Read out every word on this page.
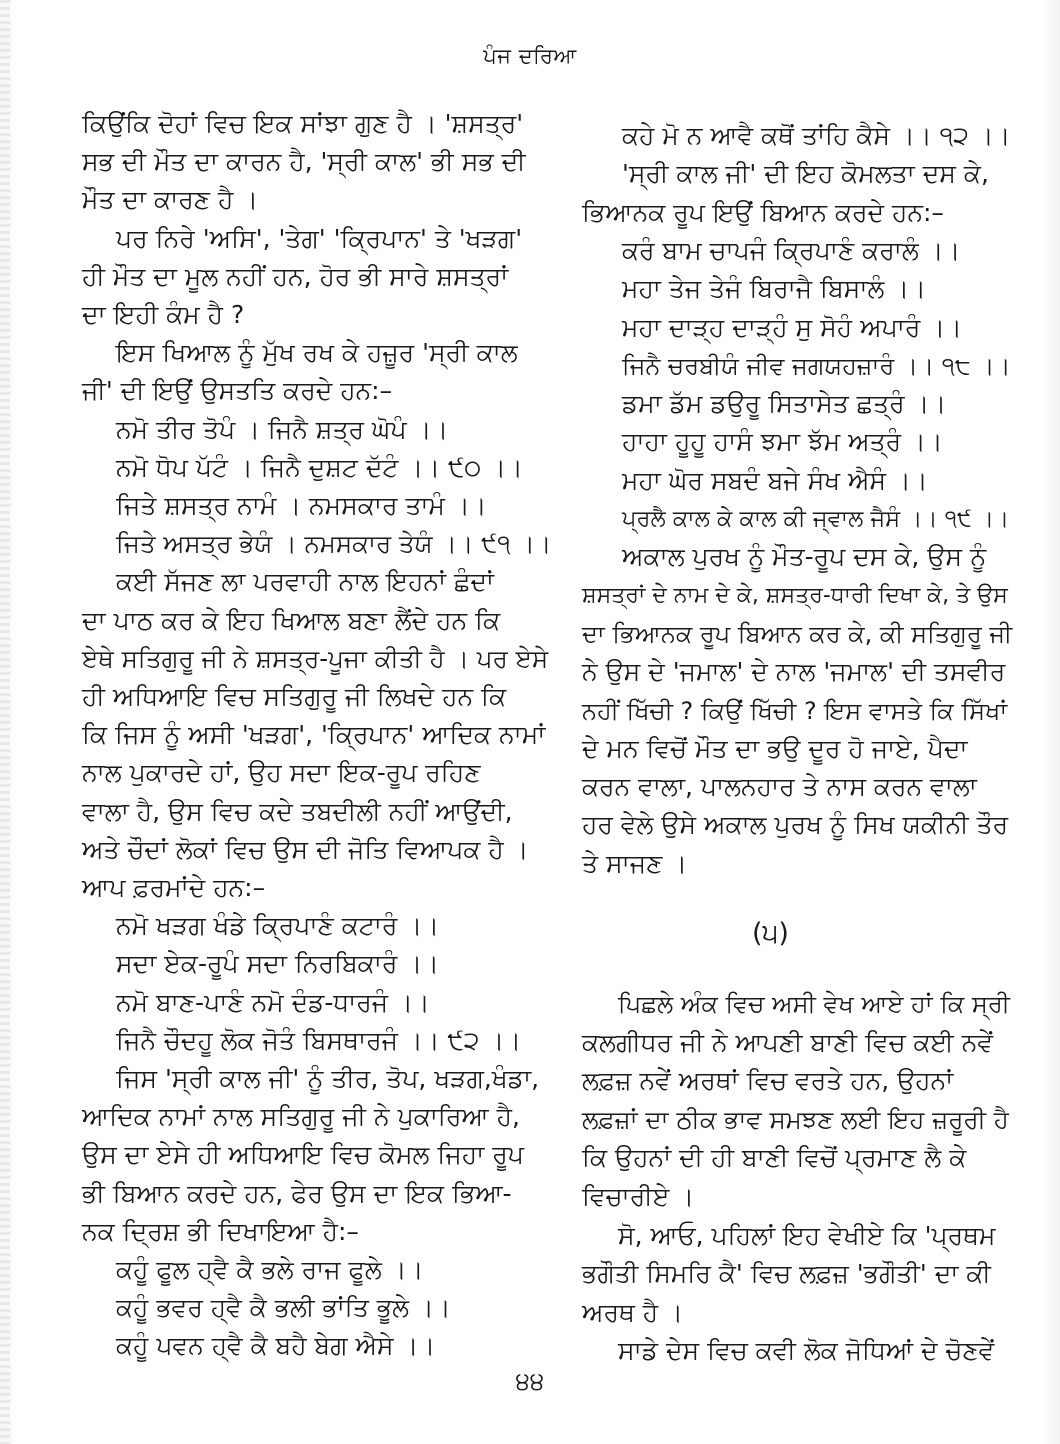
ਪੰਜ ਦਰਿਆ
ਕਿਉਂਕਿ ਦੋਹਾਂ ਵਿਚ ਇਕ ਸਾਂਝਾ ਗੁਣ ਹੈ । 'ਸ਼ਸਤ੍ਰ'
ਸਭ ਦੀ ਮੌਤ ਦਾ ਕਾਰਨ ਹੈ, 'ਸ੍ਰੀ ਕਾਲ' ਭੀ ਸਭ ਦੀ
ਮੌਤ ਦਾ ਕਾਰਣ ਹੈ ।
ਪਰ ਨਿਰੇ 'ਅਸਿ', 'ਤੇਗ' 'ਕ੍ਰਿਪਾਨ' ਤੇ 'ਖੜਗ'
ਹੀ ਮੌਤ ਦਾ ਮੂਲ ਨਹੀਂ ਹਨ, ਹੋਰ ਭੀ ਸਾਰੇ ਸ਼ਸਤ੍ਰਾਂ
ਦਾ ਇਹੀ ਕੰਮ ਹੈ ?
ਇਸ ਖਿਆਲ ਨੂੰ ਮੁੱਖ ਰਖ ਕੇ ਹਜ਼ੂਰ 'ਸ੍ਰੀ ਕਾਲ
ਜੀ' ਦੀ ਇਉਂ ਉਸਤਤਿ ਕਰਦੇ ਹਨ:–
ਨਮੋ ਤੀਰ ਤੋਪੰ । ਜਿਨੈ ਸ਼ਤ੍ਰ ਘੋਪੰ ।।
ਨਮੋ ਧੋਪ ਪੱਟੰ । ਜਿਨੈ ਦੁਸ਼ਟ ਦੱਟੰ ।। ੯੦ ।।
ਜਿਤੇ ਸ਼ਸਤ੍ਰ ਨਾਮੰ । ਨਮਸਕਾਰ ਤਾਮੰ ।।
ਜਿਤੇ ਅਸਤ੍ਰ ਭੇਯੰ । ਨਮਸਕਾਰ ਤੇਯੰ ।। ੯੧ ।।
ਕਈ ਸੱਜਣ ਲਾ ਪਰਵਾਹੀ ਨਾਲ ਇਹਨਾਂ ਛੰਦਾਂ
ਦਾ ਪਾਠ ਕਰ ਕੇ ਇਹ ਖਿਆਲ ਬਣਾ ਲੈਂਦੇ ਹਨ ਕਿ
ਏਥੇ ਸਤਿਗੁਰੂ ਜੀ ਨੇ ਸ਼ਸਤ੍ਰ-ਪੂਜਾ ਕੀਤੀ ਹੈ । ਪਰ ਏਸੇ
ਹੀ ਅਧਿਆਇ ਵਿਚ ਸਤਿਗੁਰੂ ਜੀ ਲਿਖਦੇ ਹਨ ਕਿ
ਕਿ ਜਿਸ ਨੂੰ ਅਸੀ 'ਖੜਗ', 'ਕ੍ਰਿਪਾਨ' ਆਦਿਕ ਨਾਮਾਂ
ਨਾਲ ਪੁਕਾਰਦੇ ਹਾਂ, ਉਹ ਸਦਾ ਇਕ-ਰੂਪ ਰਹਿਣ
ਵਾਲਾ ਹੈ, ਉਸ ਵਿਚ ਕਦੇ ਤਬਦੀਲੀ ਨਹੀਂ ਆਉਂਦੀ,
ਅਤੇ ਚੌਦਾਂ ਲੋਕਾਂ ਵਿਚ ਉਸ ਦੀ ਜੋਤਿ ਵਿਆਪਕ ਹੈ ।
ਆਪ ਫ਼ਰਮਾਂਦੇ ਹਨ:–
ਨਮੋ ਖੜਗ ਖੰਡੇ ਕ੍ਰਿਪਾਣੰ ਕਟਾਰੰ ।।
ਸਦਾ ਏਕ-ਰੂਪੰ ਸਦਾ ਨਿਰਬਿਕਾਰੰ ।।
ਨਮੋ ਬਾਣ-ਪਾਣੰ ਨਮੋ ਦੰਡ-ਧਾਰਜੰ ।।
ਜਿਨੈ ਚੌਦਹੂ ਲੋਕ ਜੋਤੰ ਬਿਸਥਾਰਜੰ ।। ੯੨ ।।
ਜਿਸ 'ਸ੍ਰੀ ਕਾਲ ਜੀ' ਨੂੰ ਤੀਰ, ਤੋਪ, ਖੜਗ,ਖੰਡਾ,
ਆਦਿਕ ਨਾਮਾਂ ਨਾਲ ਸਤਿਗੁਰੂ ਜੀ ਨੇ ਪੁਕਾਰਿਆ ਹੈ,
ਉਸ ਦਾ ਏਸੇ ਹੀ ਅਧਿਆਇ ਵਿਚ ਕੋਮਲ ਜਿਹਾ ਰੂਪ
ਭੀ ਬਿਆਨ ਕਰਦੇ ਹਨ, ਫੇਰ ਉਸ ਦਾ ਇਕ ਭਿਆ-
ਨਕ ਦ੍ਰਿਸ਼ ਭੀ ਦਿਖਾਇਆ ਹੈ:–
ਕਹੂੰ ਫੂਲ ਹ੍ਵੈ ਕੈ ਭਲੇ ਰਾਜ ਫੂਲੇ ।।
ਕਹੂੰ ਭਵਰ ਹ੍ਵੈ ਕੈ ਭਲੀ ਭਾਂਤਿ ਭੂਲੇ ।।
ਕਹੂੰ ਪਵਨ ਹ੍ਵੈ ਕੈ ਬਹੈ ਬੇਗ ਐਸੇ ।।
ਕਹੇ ਮੋ ਨ ਆਵੈ ਕਥੋਂ ਤਾਂਹਿ ਕੈਸੇ ।। ੧੨ ।।
'ਸ੍ਰੀ ਕਾਲ ਜੀ' ਦੀ ਇਹ ਕੋਮਲਤਾ ਦਸ ਕੇ,
ਭਿਆਨਕ ਰੂਪ ਇਉਂ ਬਿਆਨ ਕਰਦੇ ਹਨ:–
ਕਰੰ ਬਾਮ ਚਾਪਜੰ ਕ੍ਰਿਪਾਣੰ ਕਰਾਲੰ ।।
ਮਹਾ ਤੇਜ ਤੇਜੰ ਬਿਰਾਜੈ ਬਿਸਾਲੰ ।।
ਮਹਾ ਦਾੜ੍ਹ ਦਾੜ੍ਹੰ ਸੁ ਸੋਹੰ ਅਪਾਰੰ ।।
ਜਿਨੈ ਚਰਬੀਯੰ ਜੀਵ ਜਗਯਹਜ਼ਾਰੰ ।। ੧੮ ।।
ਡਮਾ ਡੱਮ ਡਉਰੂ ਸਿਤਾਸੇਤ ਛਤ੍ਰੰ ।।
ਹਾਹਾ ਹੂਹੂ ਹਾਸੰ ਝਮਾ ਝੱਮ ਅਤ੍ਰੰ ।।
ਮਹਾ ਘੋਰ ਸਬਦੰ ਬਜੇ ਸੰਖ ਐਸੰ ।।
ਪ੍ਰਲੈ ਕਾਲ ਕੇ ਕਾਲ ਕੀ ਜ੍ਵਾਲ ਜੈਸੰ ।। ੧੯ ।।
ਅਕਾਲ ਪੁਰਖ ਨੂੰ ਮੌਤ-ਰੂਪ ਦਸ ਕੇ, ਉਸ ਨੂੰ
ਸ਼ਸਤ੍ਰਾਂ ਦੇ ਨਾਮ ਦੇ ਕੇ, ਸ਼ਸਤ੍ਰ-ਧਾਰੀ ਦਿਖਾ ਕੇ, ਤੇ ਉਸ
ਦਾ ਭਿਆਨਕ ਰੂਪ ਬਿਆਨ ਕਰ ਕੇ, ਕੀ ਸਤਿਗੁਰੂ ਜੀ
ਨੇ ਉਸ ਦੇ 'ਜਮਾਲ' ਦੇ ਨਾਲ 'ਜਮਾਲ' ਦੀ ਤਸਵੀਰ
ਨਹੀਂ ਖਿੱਚੀ ? ਕਿਉਂ ਖਿੱਚੀ ? ਇਸ ਵਾਸਤੇ ਕਿ ਸਿੱਖਾਂ
ਦੇ ਮਨ ਵਿਚੋਂ ਮੌਤ ਦਾ ਭਉ ਦੂਰ ਹੋ ਜਾਏ, ਪੈਦਾ
ਕਰਨ ਵਾਲਾ, ਪਾਲਨਹਾਰ ਤੇ ਨਾਸ ਕਰਨ ਵਾਲਾ
ਹਰ ਵੇਲੇ ਉਸੇ ਅਕਾਲ ਪੁਰਖ ਨੂੰ ਸਿਖ ਯਕੀਨੀ ਤੌਰ
ਤੇ ਸਾਜਣ ।
ਪਿਛਲੇ ਅੰਕ ਵਿਚ ਅਸੀ ਵੇਖ ਆਏ ਹਾਂ ਕਿ ਸ੍ਰੀ
ਕਲਗੀਧਰ ਜੀ ਨੇ ਆਪਣੀ ਬਾਣੀ ਵਿਚ ਕਈ ਨਵੇਂ
ਲਫ਼ਜ਼ ਨਵੇਂ ਅਰਥਾਂ ਵਿਚ ਵਰਤੇ ਹਨ, ਉਹਨਾਂ
ਲਫ਼ਜ਼ਾਂ ਦਾ ਠੀਕ ਭਾਵ ਸਮਝਣ ਲਈ ਇਹ ਜ਼ਰੂਰੀ ਹੈ
ਕਿ ਉਹਨਾਂ ਦੀ ਹੀ ਬਾਣੀ ਵਿਚੋਂ ਪ੍ਰਮਾਣ ਲੈ ਕੇ
ਵਿਚਾਰੀਏ ।
ਸੋ, ਆਓ, ਪਹਿਲਾਂ ਇਹ ਵੇਖੀਏ ਕਿ 'ਪ੍ਰਥਮ
ਭਗੌਤੀ ਸਿਮਰਿ ਕੈ' ਵਿਚ ਲਫ਼ਜ਼ 'ਭਗੌਤੀ' ਦਾ ਕੀ
ਅਰਥ ਹੈ ।
ਸਾਡੇ ਦੇਸ ਵਿਚ ਕਵੀ ਲੋਕ ਜੋਧਿਆਂ ਦੇ ਚੋਣਵੇਂ
(੫)
੪੪
